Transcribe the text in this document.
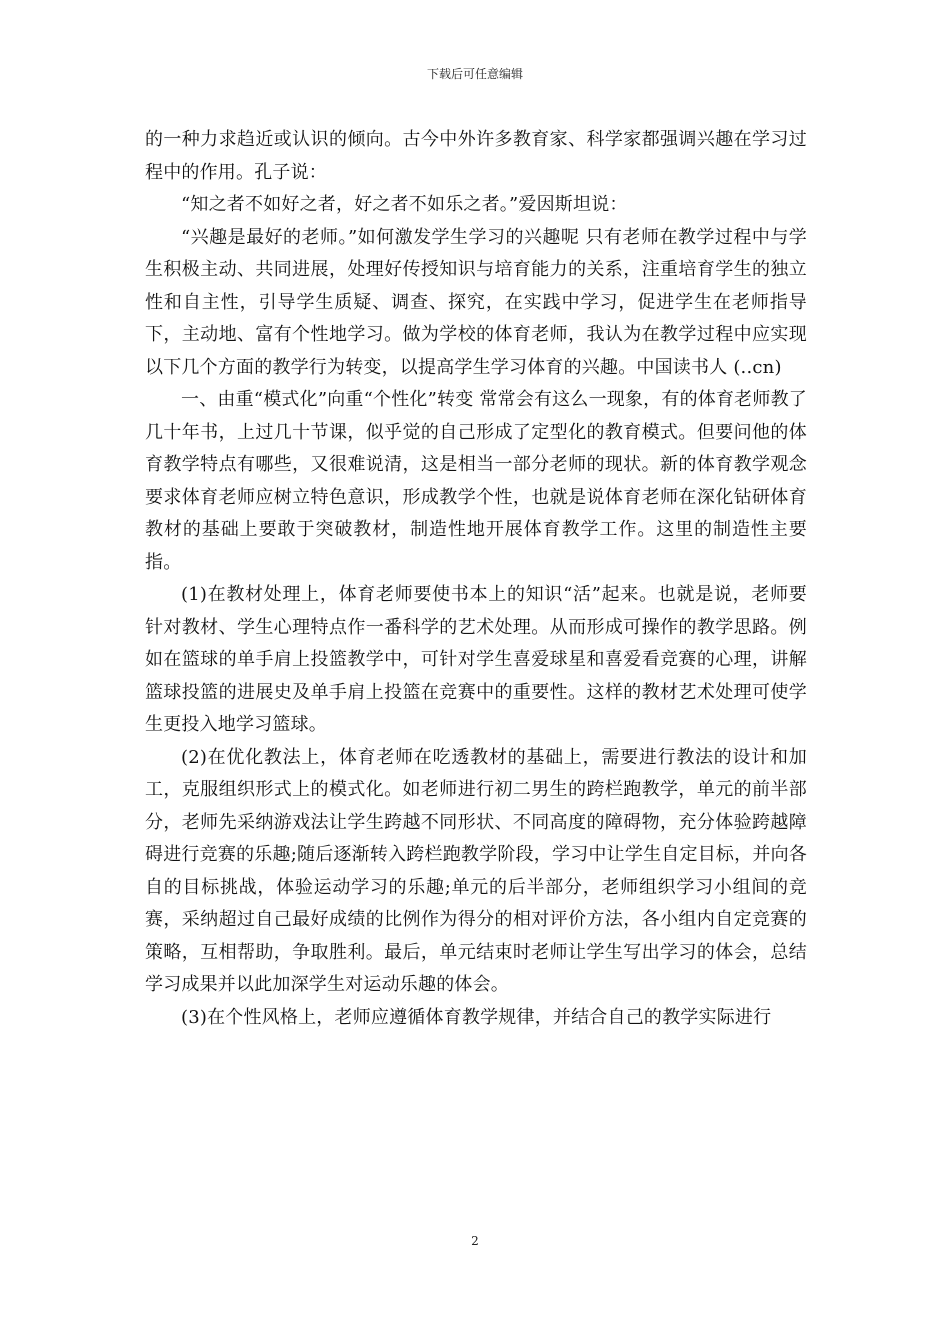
下载后可任意编辑

的一种力求趋近或认识的倾向。古今中外许多教育家、科学家都强调兴趣在学习过程中的作用。孔子说：

“知之者不如好之者，好之者不如乐之者。”爱因斯坦说：

“兴趣是最好的老师。”如何激发学生学习的兴趣呢 只有老师在教学过程中与学生积极主动、共同进展，处理好传授知识与培育能力的关系，注重培育学生的独立性和自主性，引导学生质疑、调查、探究，在实践中学习，促进学生在老师指导下，主动地、富有个性地学习。做为学校的体育老师，我认为在教学过程中应实现以下几个方面的教学行为转变，以提高学生学习体育的兴趣。中国读书人 (..cn)

一、由重“模式化”向重“个性化”转变 常常会有这么一现象，有的体育老师教了几十年书，上过几十节课，似乎觉的自己形成了定型化的教育模式。但要问他的体育教学特点有哪些，又很难说清，这是相当一部分老师的现状。新的体育教学观念要求体育老师应树立特色意识，形成教学个性，也就是说体育老师在深化钻研体育教材的基础上要敢于突破教材，制造性地开展体育教学工作。这里的制造性主要指。

(1)在教材处理上，体育老师要使书本上的知识“活”起来。也就是说，老师要针对教材、学生心理特点作一番科学的艺术处理。从而形成可操作的教学思路。例如在篮球的单手肩上投篮教学中，可针对学生喜爱球星和喜爱看竞赛的心理，讲解篮球投篮的进展史及单手肩上投篮在竞赛中的重要性。这样的教材艺术处理可使学生更投入地学习篮球。

(2)在优化教法上，体育老师在吃透教材的基础上，需要进行教法的设计和加工，克服组织形式上的模式化。如老师进行初二男生的跨栏跑教学，单元的前半部分，老师先采纳游戏法让学生跨越不同形状、不同高度的障碍物，充分体验跨越障碍进行竞赛的乐趣;随后逐渐转入跨栏跑教学阶段，学习中让学生自定目标，并向各自的目标挑战，体验运动学习的乐趣;单元的后半部分，老师组织学习小组间的竞赛，采纳超过自己最好成绩的比例作为得分的相对评价方法，各小组内自定竞赛的策略，互相帮助，争取胜利。最后，单元结束时老师让学生写出学习的体会，总结学习成果并以此加深学生对运动乐趣的体会。

(3)在个性风格上，老师应遵循体育教学规律，并结合自己的教学实际进行

2
